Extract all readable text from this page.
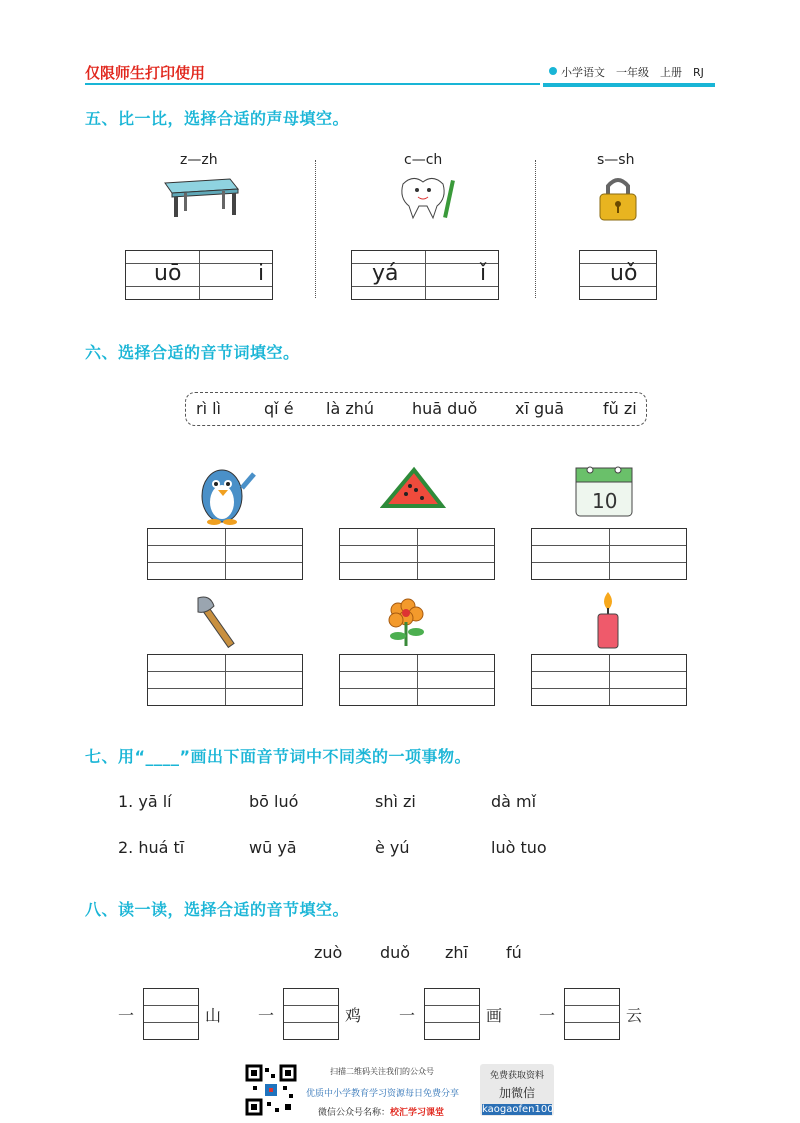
仅限师生打印使用	小学语文　一年级　上册　RJ
五、比一比，选择合适的声母填空。
z—zh	c—ch	s—sh
uō	i	yá	ǐ	uǒ
六、选择合适的音节词填空。
rì lì	qǐ é là zhú huā duǒ xī guā fǔ zi
10
七、用“____”画出下面音节词中不同类的一项事物。
1. yā lí	bō luó	shì zi	dà mǐ
2. huá tī	wū yā	è yú	luò tuo
八、读一读，选择合适的音节填空。
zuò duǒ zhī fú
一	山 一	鸡 一	画 一	云
扫描二维码关注我们的公众号
优质中小学教育学习资源每日免费分享
微信公众号名称：校汇学习课堂
免费获取资料
加微信
kaogaofen100
